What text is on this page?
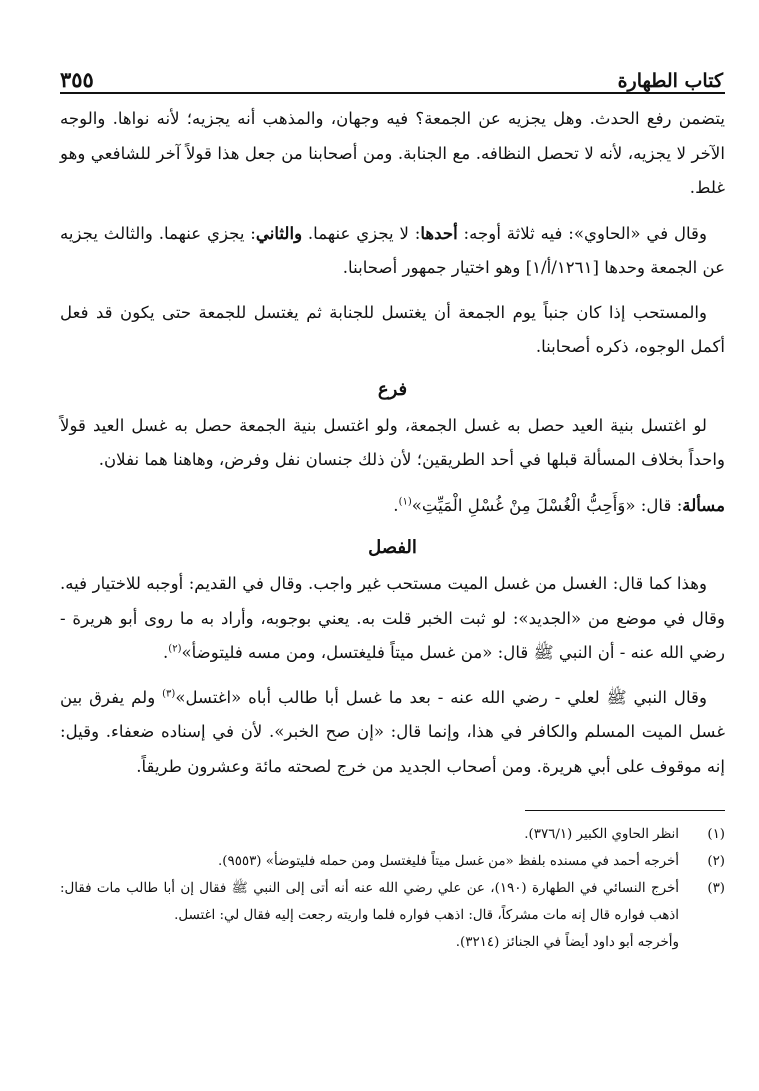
كتاب الطهارة
٣٥٥

يتضمن رفع الحدث. وهل يجزيه عن الجمعة؟ فيه وجهان، والمذهب أنه يجزيه؛ لأنه نواها. والوجه الآخر لا يجزيه، لأنه لا تحصل النظافه. مع الجنابة. ومن أصحابنا من جعل هذا قولاً آخر للشافعي وهو غلط.

وقال في «الحاوي»: فيه ثلاثة أوجه: أحدها: لا يجزي عنهما. والثاني: يجزي عنهما. والثالث يجزيه عن الجمعة وحدها [١٢٦١/أ/١] وهو اختيار جمهور أصحابنا.

والمستحب إذا كان جنباً يوم الجمعة أن يغتسل للجنابة ثم يغتسل للجمعة حتى يكون قد فعل أكمل الوجوه، ذكره أصحابنا.

فرع

لو اغتسل بنية العيد حصل به غسل الجمعة، ولو اغتسل بنية الجمعة حصل به غسل العيد قولاً واحداً بخلاف المسألة قبلها في أحد الطريقين؛ لأن ذلك جنسان نفل وفرض، وهاهنا هما نفلان.

مسألة: قال: «وَأَحِبُّ الْغُسْلَ مِنْ غُسْلِ الْمَيِّتِ»$^{(١)}$.

الفصل

وهذا كما قال: الغسل من غسل الميت مستحب غير واجب. وقال في القديم: أوجبه للاختيار فيه. وقال في موضع من «الجديد»: لو ثبت الخبر قلت به. يعني بوجوبه، وأراد به ما روى أبو هريرة - رضي الله عنه - أن النبي ﷺ قال: «من غسل ميتاً فليغتسل، ومن مسه فليتوضأ»$^{(٢)}$.

وقال النبي ﷺ لعلي - رضي الله عنه - بعد ما غسل أبا طالب أباه «اغتسل»$^{(٣)}$ ولم يفرق بين غسل الميت المسلم والكافر في هذا، وإنما قال: «إن صح الخبر». لأن في إسناده ضعفاء. وقيل: إنه موقوف على أبي هريرة. ومن أصحاب الجديد من خرج لصحته مائة وعشرون طريقاً.

(١)
انظر الحاوي الكبير (٣٧٦/١).
(٢)
أخرجه أحمد في مسنده بلفظ «من غسل ميتاً فليغتسل ومن حمله فليتوضأ» (٩٥٥٣).
(٣)
أخرج النسائي في الطهارة (١٩٠)، عن علي رضي الله عنه أنه أتى إلى النبي ﷺ فقال إن أبا طالب مات فقال: اذهب فواره قال إنه مات مشركاً، قال: اذهب فواره فلما واريته رجعت إليه فقال لي: اغتسل.
وأخرجه أبو داود أيضاً في الجنائز (٣٢١٤).
